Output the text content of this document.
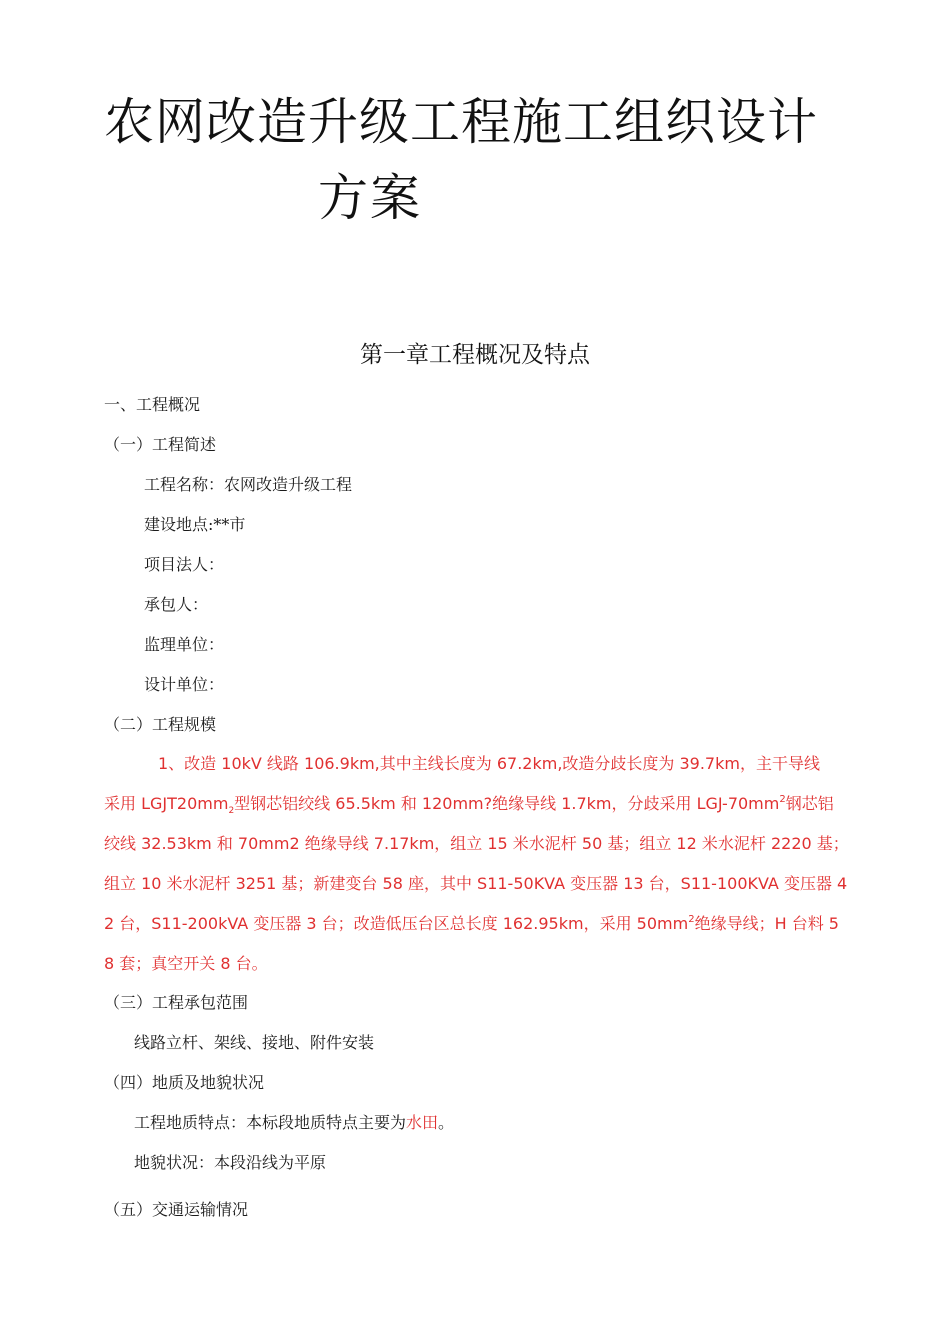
农网改造升级工程施工组织设计
方案
第一章工程概况及特点
一、工程概况
（一）工程简述
工程名称：农网改造升级工程
建设地点:**市
项目法人：
承包人：
监理单位：
设计单位：
（二）工程规模
1、改造 10kV 线路 106.9km,其中主线长度为 67.2km,改造分歧长度为 39.7km，主干导线
采用 $LGJT20mm_2$型钢芯铝绞线 65.5km 和 120mm?绝缘导线 1.7km，分歧采用 LGJ-$70mm^2$钢芯铝
绞线 32.53km 和 70mm2 绝缘导线 7.17km，组立 15 米水泥杆 50 基；组立 12 米水泥杆 2220 基；
组立 10 米水泥杆 3251 基；新建变台 58 座，其中 S11-50KVA 变压器 13 台，S11-100KVA 变压器 4
2 台，S11-200kVA 变压器 3 台；改造低压台区总长度 162.95km，采用 $50mm^2$绝缘导线；H 台料 5
8 套；真空开关 8 台。
（三）工程承包范围
线路立杆、架线、接地、附件安装
（四）地质及地貌状况
工程地质特点：本标段地质特点主要为水田。
地貌状况：本段沿线为平原
（五）交通运输情况
